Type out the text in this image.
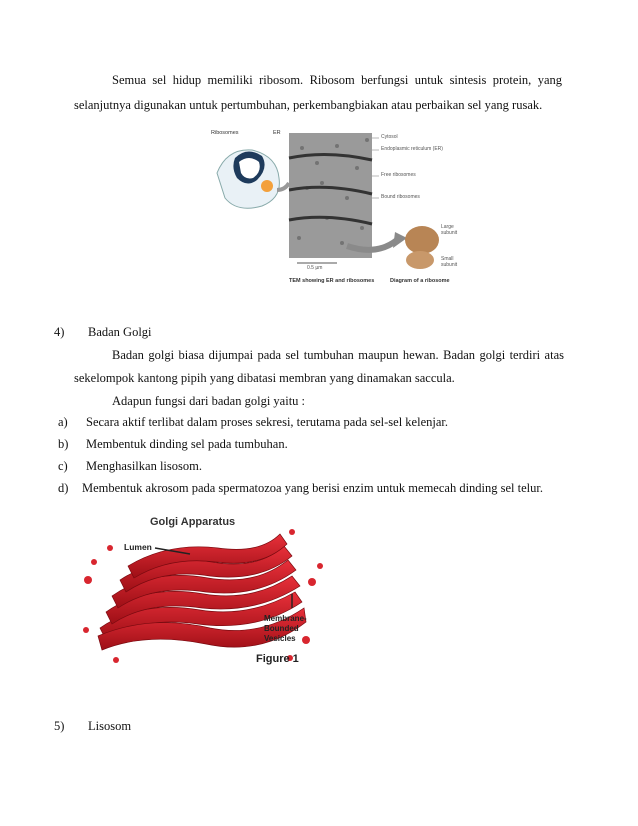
Semua sel hidup memiliki ribosom. Ribosom berfungsi untuk sintesis protein, yang
selanjutnya digunakan untuk pertumbuhan, perkembangbiakan atau perbaikan sel yang rusak.
Ribosomes	ER
Cytosol
Endoplasmic reticulum (ER)
Free ribosomes
Bound ribosomes
Large subunit
Small subunit
0.5 µm
TEM showing ER and ribosomes	Diagram of a ribosome
4) Badan Golgi
Badan golgi biasa dijumpai pada sel tumbuhan maupun hewan. Badan golgi terdiri atas
sekelompok kantong pipih yang dibatasi membran yang dinamakan saccula.
Adapun fungsi dari badan golgi yaitu :
a) Secara aktif terlibat dalam proses sekresi, terutama pada sel-sel kelenjar.
b) Membentuk dinding sel pada tumbuhan.
c) Menghasilkan lisosom.
d) Membentuk akrosom pada spermatozoa yang berisi enzim untuk memecah dinding sel telur.
Golgi Apparatus
Lumen
Membrane-
Bounded
Vesicles
Figure 1
5) Lisosom
